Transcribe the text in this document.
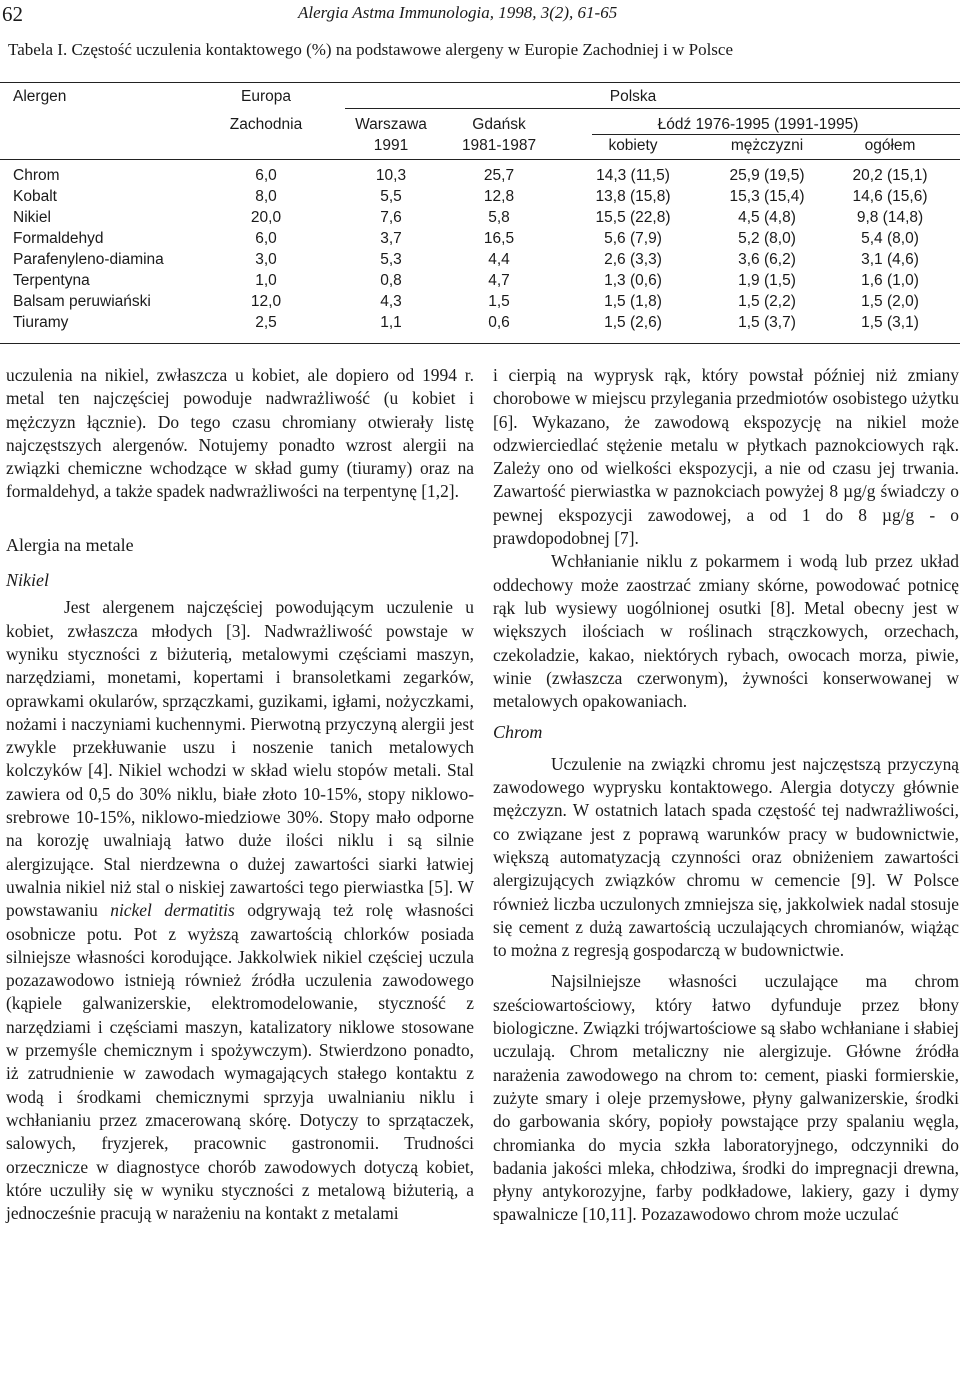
62	Alergia Astma Immunologia, 1998, 3(2), 61-65
Tabela I. Częstość uczulenia kontaktowego (%) na podstawowe alergeny w Europie Zachodniej i w Polsce
Alergen	Europa	Polska
Zachodnia	Warszawa	Gdańsk	Łódź 1976-1995 (1991-1995)
1991	1981-1987	kobiety	mężczyzni	ogółem
Chrom	6,0	10,3	25,7	14,3 (11,5)	25,9 (19,5)	20,2 (15,1)
Kobalt	8,0	5,5	12,8	13,8 (15,8)	15,3 (15,4)	14,6 (15,6)
Nikiel	20,0	7,6	5,8	15,5 (22,8)	4,5 (4,8)	9,8 (14,8)
Formaldehyd	6,0	3,7	16,5	5,6 (7,9)	5,2 (8,0)	5,4 (8,0)
Parafenyleno-diamina	3,0	5,3	4,4	2,6 (3,3)	3,6 (6,2)	3,1 (4,6)
Terpentyna	1,0	0,8	4,7	1,3 (0,6)	1,9 (1,5)	1,6 (1,0)
Balsam peruwiański	12,0	4,3	1,5	1,5 (1,8)	1,5 (2,2)	1,5 (2,0)
Tiuramy	2,5	1,1	0,6	1,5 (2,6)	1,5 (3,7)	1,5 (3,1)

uczulenia na nikiel, zwłaszcza u kobiet, ale dopiero od 1994 r. metal ten najczęściej powoduje nadwrażliwość (u kobiet i mężczyzn łącznie). Do tego czasu chromiany otwierały listę najczęstszych alergenów. Notujemy ponadto wzrost alergii na związki chemiczne wchodzące w skład gumy (tiuramy) oraz na formaldehyd, a także spadek nadwrażliwości na terpentynę [1,2].

Alergia na metale

Nikiel

Jest alergenem najczęściej powodującym uczulenie u kobiet, zwłaszcza młodych [3]. Nadwrażliwość powstaje w wyniku styczności z biżuterią, metalowymi częściami maszyn, narzędziami, monetami, kopertami i bransoletkami zegarków, oprawkami okularów, sprzączkami, guzikami, igłami, nożyczkami, nożami i naczyniami kuchennymi. Pierwotną przyczyną alergii jest zwykle przekłuwanie uszu i noszenie tanich metalowych kolczyków [4]. Nikiel wchodzi w skład wielu stopów metali. Stal zawiera od 0,5 do 30% niklu, białe złoto 10-15%, stopy niklowo-srebrowe 10-15%, niklowo-miedziowe 30%. Stopy mało odporne na korozję uwalniają łatwo duże ilości niklu i są silnie alergizujące. Stal nierdzewna o dużej zawartości siarki łatwiej uwalnia nikiel niż stal o niskiej zawartości tego pierwiastka [5]. W powstawaniu nickel dermatitis odgrywają też rolę własności osobnicze potu. Pot z wyższą zawartością chlorków posiada silniejsze własności korodujące. Jakkolwiek nikiel częściej uczula pozazawodowo istnieją również źródła uczulenia zawodowego (kąpiele galwanizerskie, elektromodelowanie, styczność z narzędziami i częściami maszyn, katalizatory niklowe stosowane w przemyśle chemicznym i spożywczym). Stwierdzono ponadto, iż zatrudnienie w zawodach wymagających stałego kontaktu z wodą i środkami chemicznymi sprzyja uwalnianiu niklu i wchłanianiu przez zmacerowaną skórę. Dotyczy to sprzątaczek, salowych, fryzjerek, pracownic gastronomii. Trudności orzecznicze w diagnostyce chorób zawodowych dotyczą kobiet, które uczuliły się w wyniku styczności z metalową biżuterią, a jednocześnie pracują w narażeniu na kontakt z metalami

i cierpią na wyprysk rąk, który powstał później niż zmiany chorobowe w miejscu przylegania przedmiotów osobistego użytku [6]. Wykazano, że zawodową ekspozycję na nikiel może odzwierciedlać stężenie metalu w płytkach paznokciowych rąk. Zależy ono od wielkości ekspozycji, a nie od czasu jej trwania. Zawartość pierwiastka w paznokciach powyżej 8 µg/g świadczy o pewnej ekspozycji zawodowej, a od 1 do 8 µg/g - o prawdopodobnej [7].

Wchłanianie niklu z pokarmem i wodą lub przez układ oddechowy może zaostrzać zmiany skórne, powodować potnicę rąk lub wysiewy uogólnionej osutki [8]. Metal obecny jest w większych ilościach w roślinach strączkowych, orzechach, czekoladzie, kakao, niektórych rybach, owocach morza, piwie, winie (zwłaszcza czerwonym), żywności konserwowanej w metalowych opakowaniach.

Chrom

Uczulenie na związki chromu jest najczęstszą przyczyną zawodowego wyprysku kontaktowego. Alergia dotyczy głównie mężczyzn. W ostatnich latach spada częstość tej nadwrażliwości, co związane jest z poprawą warunków pracy w budownictwie, większą automatyzacją czynności oraz obniżeniem zawartości alergizujących związków chromu w cemencie [9]. W Polsce również liczba uczulonych zmniejsza się, jakkolwiek nadal stosuje się cement z dużą zawartością uczulających chromianów, wiążąc to można z regresją gospodarczą w budownictwie.

Najsilniejsze własności uczulające ma chrom sześciowartościowy, który łatwo dyfunduje przez błony biologiczne. Związki trójwartościowe są słabo wchłaniane i słabiej uczulają. Chrom metaliczny nie alergizuje. Główne źródła narażenia zawodowego na chrom to: cement, piaski formierskie, zużyte smary i oleje przemysłowe, płyny galwanizerskie, środki do garbowania skóry, popioły powstające przy spalaniu węgla, chromianka do mycia szkła laboratoryjnego, odczynniki do badania jakości mleka, chłodziwa, środki do impregnacji drewna, płyny antykorozyjne, farby podkładowe, lakiery, gazy i dymy spawalnicze [10,11]. Pozazawodowo chrom może uczulać
